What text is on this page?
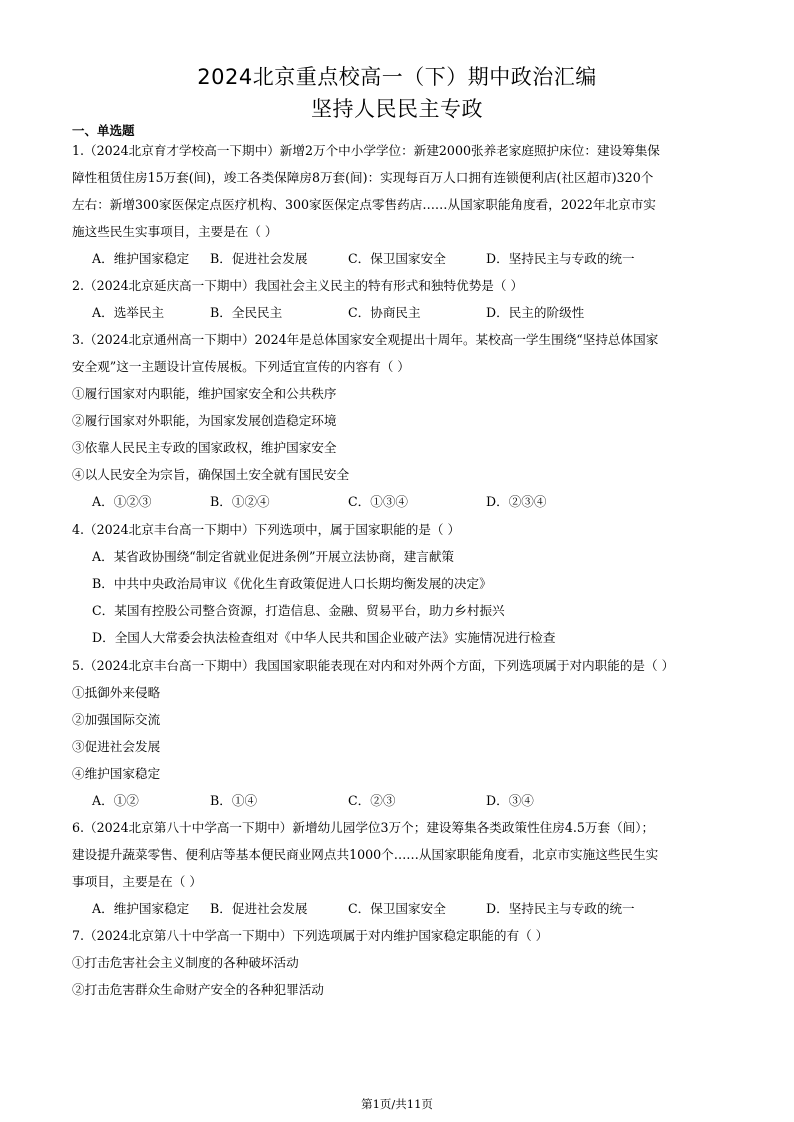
2024北京重点校高一（下）期中政治汇编
坚持人民民主专政
一、单选题
1.（2024北京育才学校高一下期中）新增2万个中小学学位：新建2000张养老家庭照护床位：建设筹集保
障性租赁住房15万套(间)，竣工各类保障房8万套(间)：实现每百万人口拥有连锁便利店(社区超市)320个
左右：新增300家医保定点医疗机构、300家医保定点零售药店……从国家职能角度看，2022年北京市实
施这些民生实事项目，主要是在（ ）
A．维护国家稳定 B．促进社会发展	C．保卫国家安全	D．坚持民主与专政的统一
2.（2024北京延庆高一下期中）我国社会主义民主的特有形式和独特优势是（ ）
A．选举民主	B．全民民主	C．协商民主	D．民主的阶级性
3.（2024北京通州高一下期中）2024年是总体国家安全观提出十周年。某校高一学生围绕“坚持总体国家
安全观”这一主题设计宣传展板。下列适宜宣传的内容有（ ）
①履行国家对内职能，维护国家安全和公共秩序
②履行国家对外职能，为国家发展创造稳定环境
③依靠人民民主专政的国家政权，维护国家安全
④以人民安全为宗旨，确保国土安全就有国民安全
A．①②③	B．①②④	C．①③④	D．②③④
4.（2024北京丰台高一下期中）下列选项中，属于国家职能的是（ ）
A．某省政协围绕“制定省就业促进条例”开展立法协商，建言献策
B．中共中央政治局审议《优化生育政策促进人口长期均衡发展的决定》
C．某国有控股公司整合资源，打造信息、金融、贸易平台，助力乡村振兴
D．全国人大常委会执法检查组对《中华人民共和国企业破产法》实施情况进行检查
5.（2024北京丰台高一下期中）我国国家职能表现在对内和对外两个方面，下列选项属于对内职能的是（ ）
①抵御外来侵略
②加强国际交流
③促进社会发展
④维护国家稳定
A．①②	B．①④	C．②③	D．③④
6.（2024北京第八十中学高一下期中）新增幼儿园学位3万个；建设筹集各类政策性住房4.5万套（间）；
建设提升蔬菜零售、便利店等基本便民商业网点共1000个……从国家职能角度看，北京市实施这些民生实
事项目，主要是在（ ）
A．维护国家稳定 B．促进社会发展	C．保卫国家安全	D．坚持民主与专政的统一
7.（2024北京第八十中学高一下期中）下列选项属于对内维护国家稳定职能的有（ ）
①打击危害社会主义制度的各种破坏活动
②打击危害群众生命财产安全的各种犯罪活动
第1页/共11页
